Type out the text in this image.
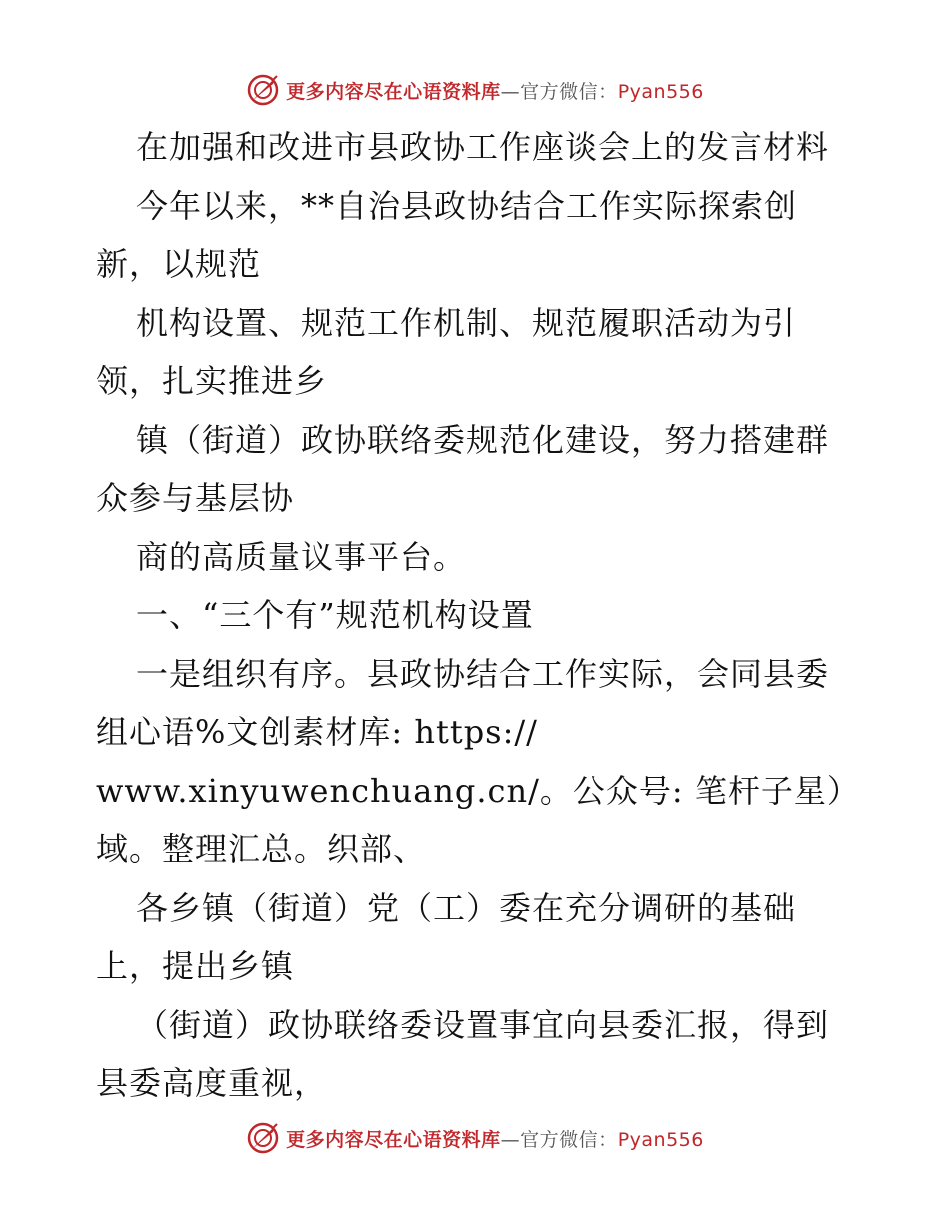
更多内容尽在心语资料库—官方微信：Pyan556
在加强和改进市县政协工作座谈会上的发言材料
今年以来，**自治县政协结合工作实际探索创
新，以规范
机构设置、规范工作机制、规范履职活动为引
领，扎实推进乡
镇（街道）政协联络委规范化建设，努力搭建群
众参与基层协
商的高质量议事平台。
一、“三个有”规范机构设置
一是组织有序。县政协结合工作实际，会同县委
组心语%文创素材库: https://
www.xinyuwenchuang.cn/。公众号: 笔杆子星）
域。整理汇总。织部、
各乡镇（街道）党（工）委在充分调研的基础
上，提出乡镇
（街道）政协联络委设置事宜向县委汇报，得到
县委高度重视，
更多内容尽在心语资料库—官方微信：Pyan556
